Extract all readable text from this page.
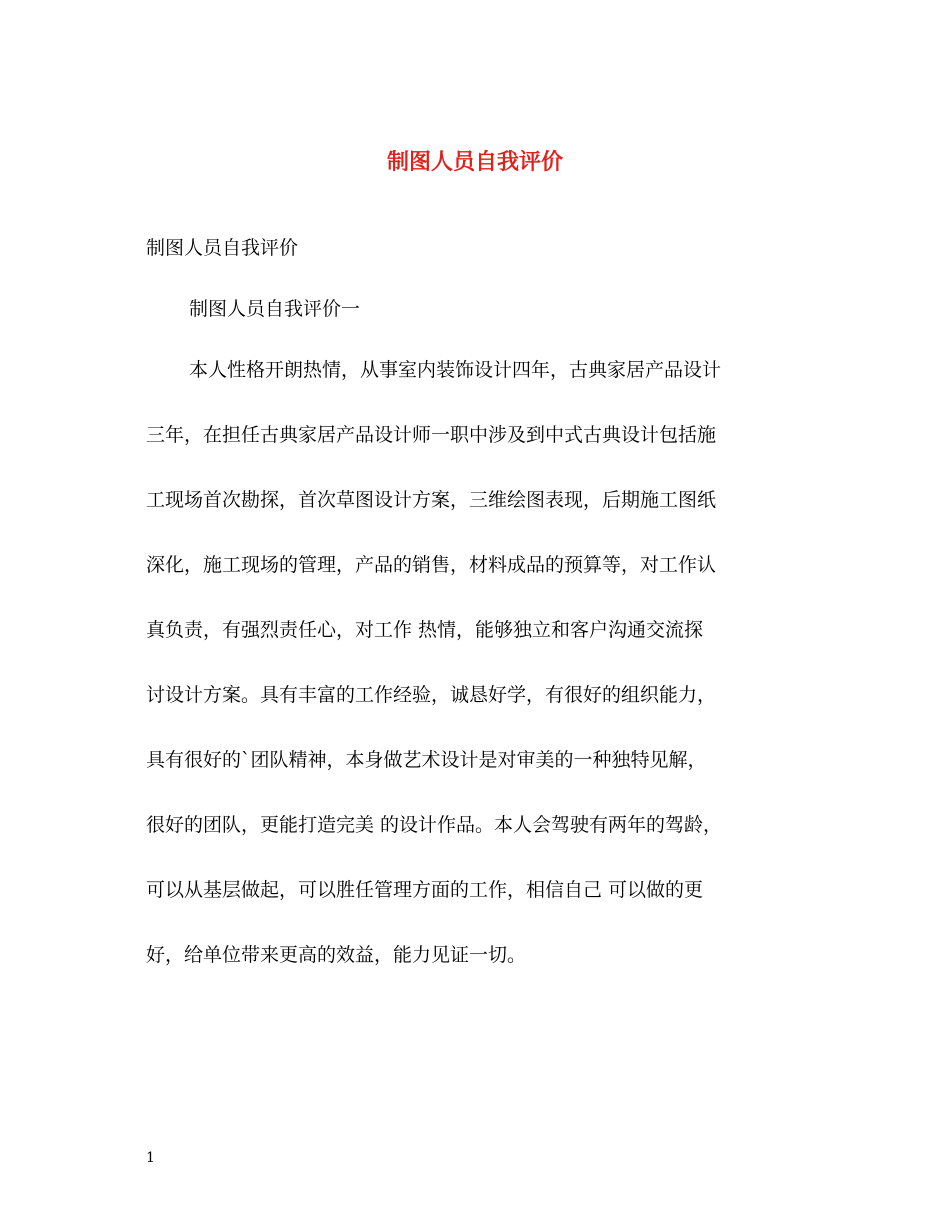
制图人员自我评价

制图人员自我评价

制图人员自我评价一

本人性格开朗热情，从事室内装饰设计四年，古典家居产品设计
三年，在担任古典家居产品设计师一职中涉及到中式古典设计包括施
工现场首次勘探，首次草图设计方案，三维绘图表现，后期施工图纸
深化，施工现场的管理，产品的销售，材料成品的预算等，对工作认
真负责，有强烈责任心，对工作 热情，能够独立和客户沟通交流探
讨设计方案。具有丰富的工作经验，诚恳好学，有很好的组织能力，
具有很好的`团队精神，本身做艺术设计是对审美的一种独特见解，
很好的团队，更能打造完美 的设计作品。本人会驾驶有两年的驾龄，
可以从基层做起，可以胜任管理方面的工作，相信自己 可以做的更
好，给单位带来更高的效益，能力见证一切。
1
